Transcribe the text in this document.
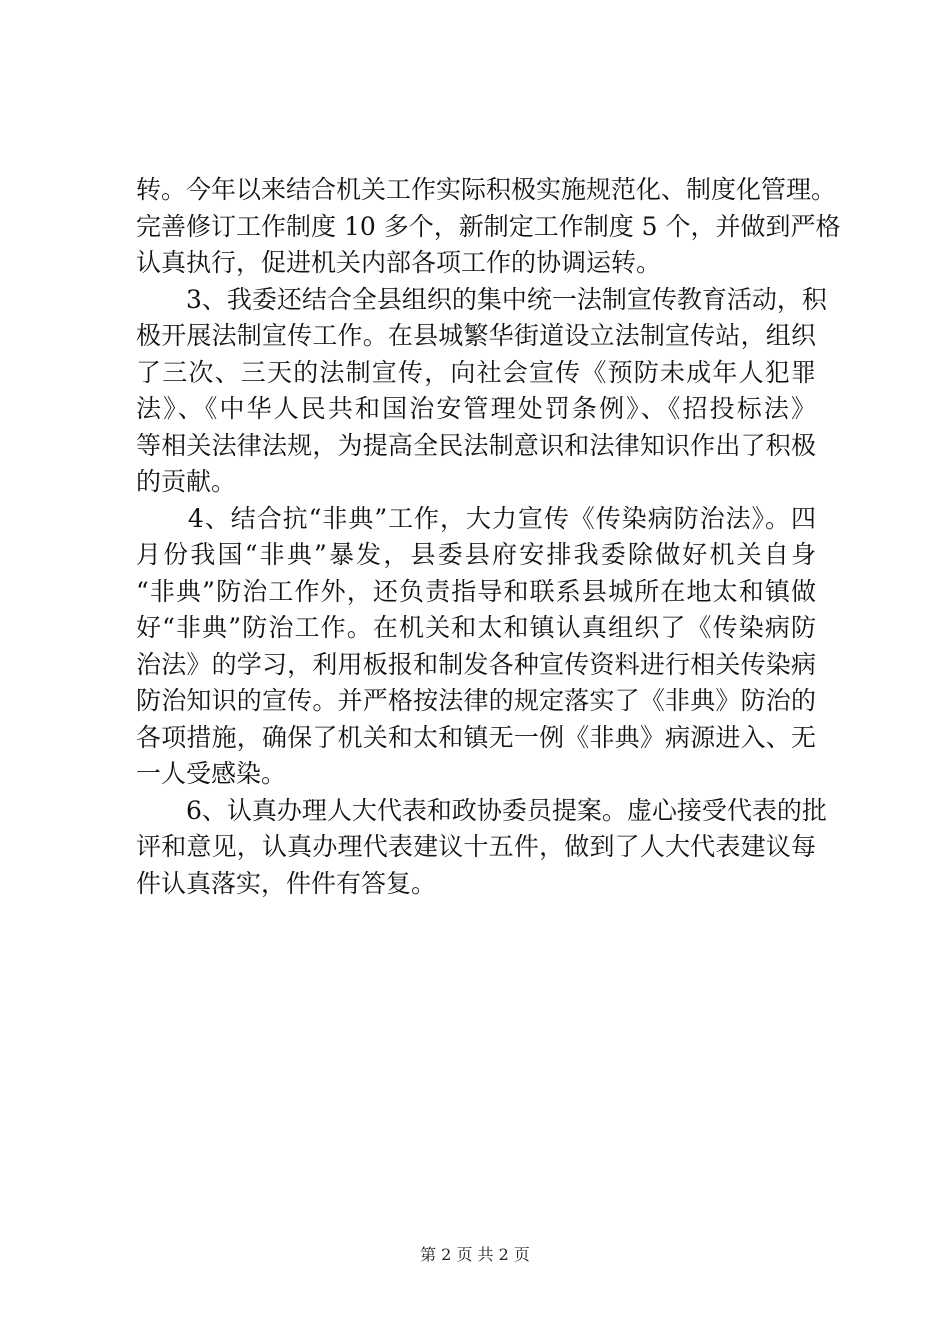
转。今年以来结合机关工作实际积极实施规范化、制度化管理。
完善修订工作制度 10 多个，新制定工作制度 5 个，并做到严格
认真执行，促进机关内部各项工作的协调运转。
　　3、我委还结合全县组织的集中统一法制宣传教育活动，积
极开展法制宣传工作。在县城繁华街道设立法制宣传站，组织
了三次、三天的法制宣传，向社会宣传《预防未成年人犯罪
法》、《中华人民共和国治安管理处罚条例》、《招投标法》
等相关法律法规，为提高全民法制意识和法律知识作出了积极
的贡献。
　　4、结合抗“非典”工作，大力宣传《传染病防治法》。四
月份我国“非典”暴发，县委县府安排我委除做好机关自身
“非典”防治工作外，还负责指导和联系县城所在地太和镇做
好“非典”防治工作。在机关和太和镇认真组织了《传染病防
治法》的学习，利用板报和制发各种宣传资料进行相关传染病
防治知识的宣传。并严格按法律的规定落实了《非典》防治的
各项措施，确保了机关和太和镇无一例《非典》病源进入、无
一人受感染。
　　6、认真办理人大代表和政协委员提案。虚心接受代表的批
评和意见，认真办理代表建议十五件，做到了人大代表建议每
件认真落实，件件有答复。
第 2 页 共 2 页
